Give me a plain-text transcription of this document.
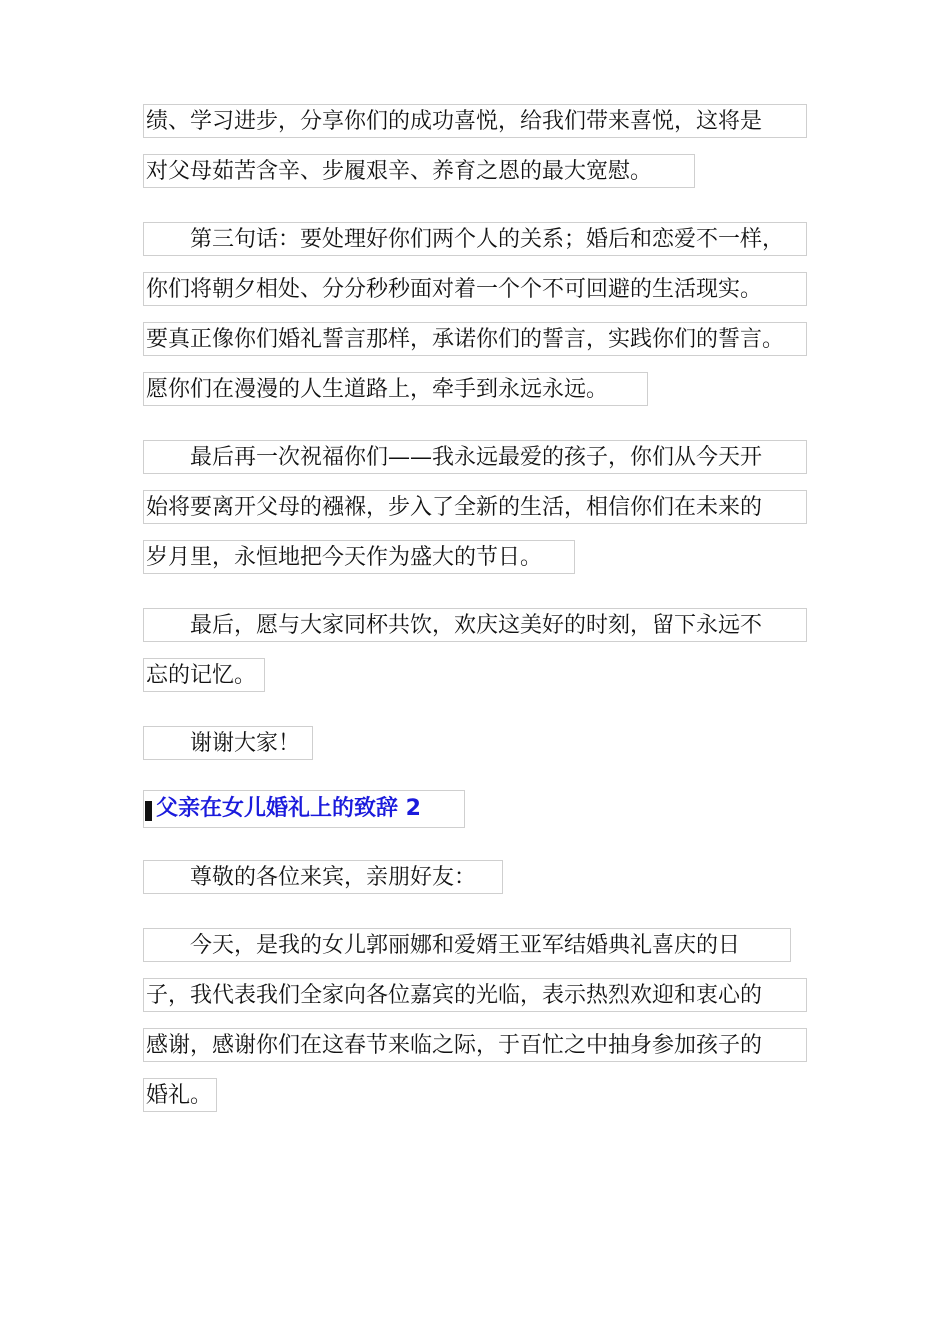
绩、学习进步，分享你们的成功喜悦，给我们带来喜悦，这将是
对父母茹苦含辛、步履艰辛、养育之恩的最大宽慰。
　　第三句话：要处理好你们两个人的关系；婚后和恋爱不一样，
你们将朝夕相处、分分秒秒面对着一个个不可回避的生活现实。
要真正像你们婚礼誓言那样，承诺你们的誓言，实践你们的誓言。
愿你们在漫漫的人生道路上，牵手到永远永远。
　　最后再一次祝福你们——我永远最爱的孩子，你们从今天开
始将要离开父母的襁褓，步入了全新的生活，相信你们在未来的
岁月里，永恒地把今天作为盛大的节日。
　　最后，愿与大家同杯共饮，欢庆这美好的时刻，留下永远不
忘的记忆。
　　谢谢大家！
父亲在女儿婚礼上的致辞 2
　　尊敬的各位来宾，亲朋好友：
　　今天，是我的女儿郭丽娜和爱婿王亚军结婚典礼喜庆的日
子，我代表我们全家向各位嘉宾的光临，表示热烈欢迎和衷心的
感谢，感谢你们在这春节来临之际，于百忙之中抽身参加孩子的
婚礼。
